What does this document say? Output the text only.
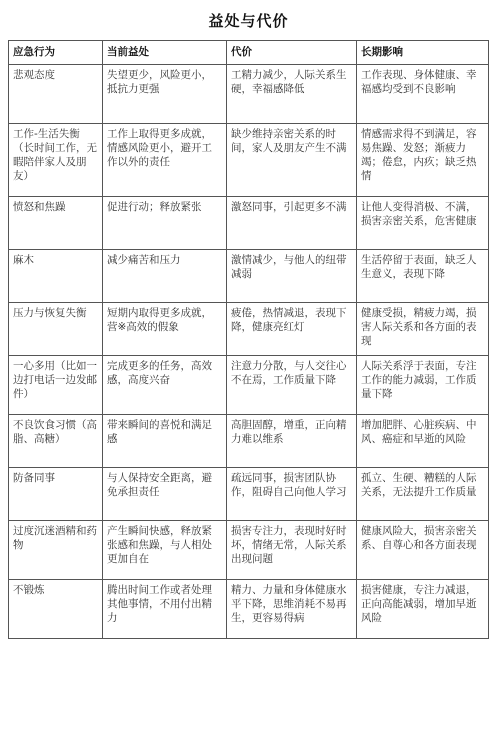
益处与代价
应急行为	当前益处	代价	长期影响
悲观态度	失望更少，风险更小，抵抗力更强	工精力减少，人际关系生硬，幸福感降低	工作表现、身体健康、幸福感均受到不良影响
工作-生活失衡（长时间工作，无暇陪伴家人及朋友）	工作上取得更多成就，情感风险更小，避开工作以外的责任	缺少维持亲密关系的时间，家人及朋友产生不满	情感需求得不到满足，容易焦躁、发怒；渐疲力竭；倦怠，内疚；缺乏热情
愤怒和焦躁	促进行动；释放紧张	激怒同事，引起更多不满	让他人变得消极、不满，损害亲密关系，危害健康
麻木	减少痛苦和压力	激情减少，与他人的纽带减弱	生活停留于表面，缺乏人生意义，表现下降
压力与恢复失衡	短期内取得更多成就，营※高效的假象	疲倦，热情减退，表现下降，健康亮红灯	健康受损，精疲力竭，损害人际关系和各方面的表现
一心多用（比如一边打电话一边发邮件）	完成更多的任务，高效感，高度兴奋	注意力分散，与人交往心不在焉，工作质量下降	人际关系浮于表面，专注工作的能力减弱，工作质量下降
不良饮食习惯（高脂、高糖）	带来瞬间的喜悦和满足感	高胆固醇，增重，正向精力难以维系	增加肥胖、心脏疾病、中风、癌症和早逝的风险
防备同事	与人保持安全距离，避免承担责任	疏远同事，损害团队协作，阻碍自己向他人学习	孤立、生硬、糟糕的人际关系，无法提升工作质量
过度沉迷酒精和药物	产生瞬间快感，释放紧张感和焦躁，与人相处更加自在	损害专注力，表现时好时坏，情绪无常，人际关系出现问题	健康风险大，损害亲密关系、自尊心和各方面表现
不锻炼	腾出时间工作或者处理其他事情，不用付出精力	精力、力量和身体健康水平下降，思维消耗不易再生，更容易得病	损害健康，专注力减退，正向高能减弱，增加早逝风险
